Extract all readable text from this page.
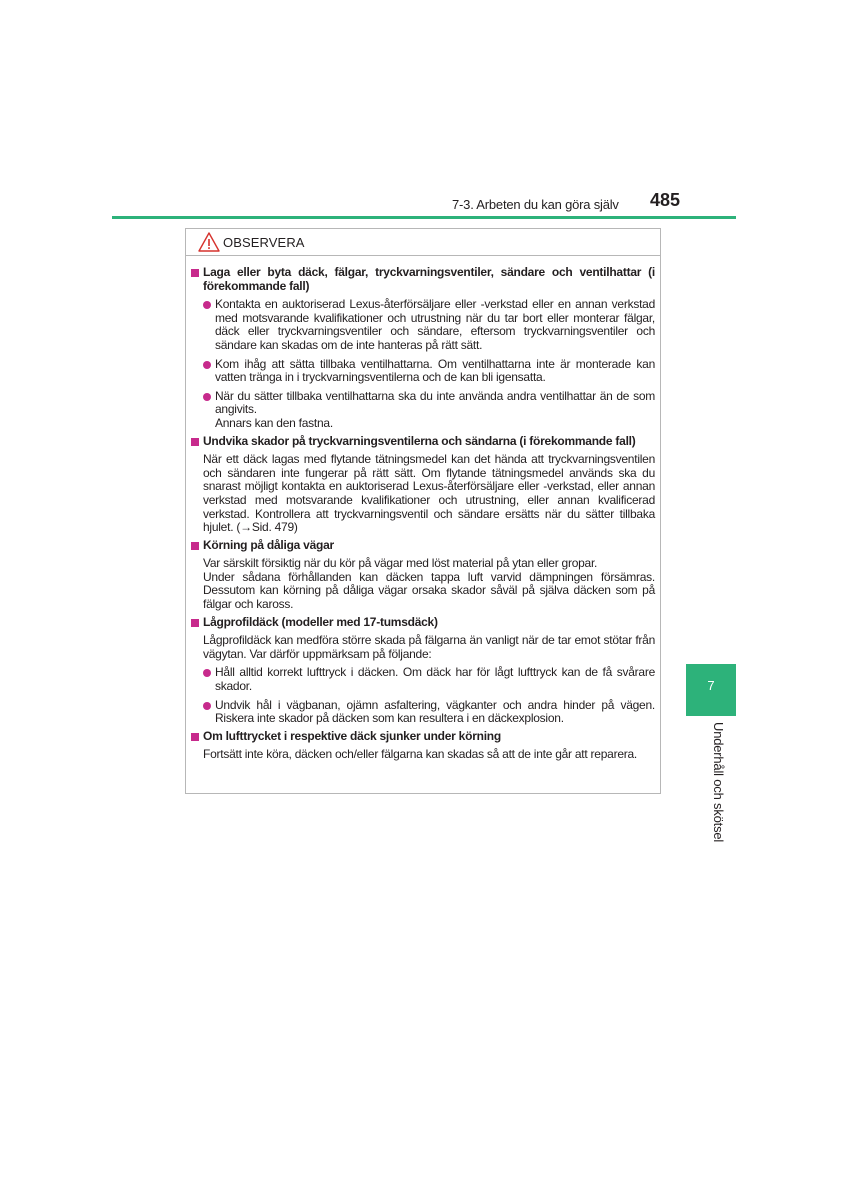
7-3. Arbeten du kan göra själv 485
7
Underhåll och skötsel
OBSERVERA
Laga eller byta däck, fälgar, tryckvarningsventiler, sändare och ventilhattar (i förekommande fall)
Kontakta en auktoriserad Lexus-återförsäljare eller -verkstad eller en annan verkstad med motsvarande kvalifikationer och utrustning när du tar bort eller monterar fälgar, däck eller tryckvarningsventiler och sändare, eftersom tryckvarningsventiler och sändare kan skadas om de inte hanteras på rätt sätt.
Kom ihåg att sätta tillbaka ventilhattarna. Om ventilhattarna inte är monterade kan vatten tränga in i tryckvarningsventilerna och de kan bli igensatta.
När du sätter tillbaka ventilhattarna ska du inte använda andra ventilhattar än de som angivits.
Annars kan den fastna.
Undvika skador på tryckvarningsventilerna och sändarna (i förekommande fall)
När ett däck lagas med flytande tätningsmedel kan det hända att tryckvarningsventilen och sändaren inte fungerar på rätt sätt. Om flytande tätningsmedel används ska du snarast möjligt kontakta en auktoriserad Lexus-återförsäljare eller -verkstad, eller annan verkstad med motsvarande kvalifikationer och utrustning, eller annan kvalificerad verkstad. Kontrollera att tryckvarningsventil och sändare ersätts när du sätter tillbaka hjulet. (→Sid. 479)
Körning på dåliga vägar
Var särskilt försiktig när du kör på vägar med löst material på ytan eller gropar.
Under sådana förhållanden kan däcken tappa luft varvid dämpningen försämras. Dessutom kan körning på dåliga vägar orsaka skador såväl på själva däcken som på fälgar och kaross.
Lågprofildäck (modeller med 17-tumsdäck)
Lågprofildäck kan medföra större skada på fälgarna än vanligt när de tar emot stötar från vägytan. Var därför uppmärksam på följande:
Håll alltid korrekt lufttryck i däcken. Om däck har för lågt lufttryck kan de få svårare skador.
Undvik hål i vägbanan, ojämn asfaltering, vägkanter och andra hinder på vägen. Riskera inte skador på däcken som kan resultera i en däckexplosion.
Om lufttrycket i respektive däck sjunker under körning
Fortsätt inte köra, däcken och/eller fälgarna kan skadas så att de inte går att reparera.
